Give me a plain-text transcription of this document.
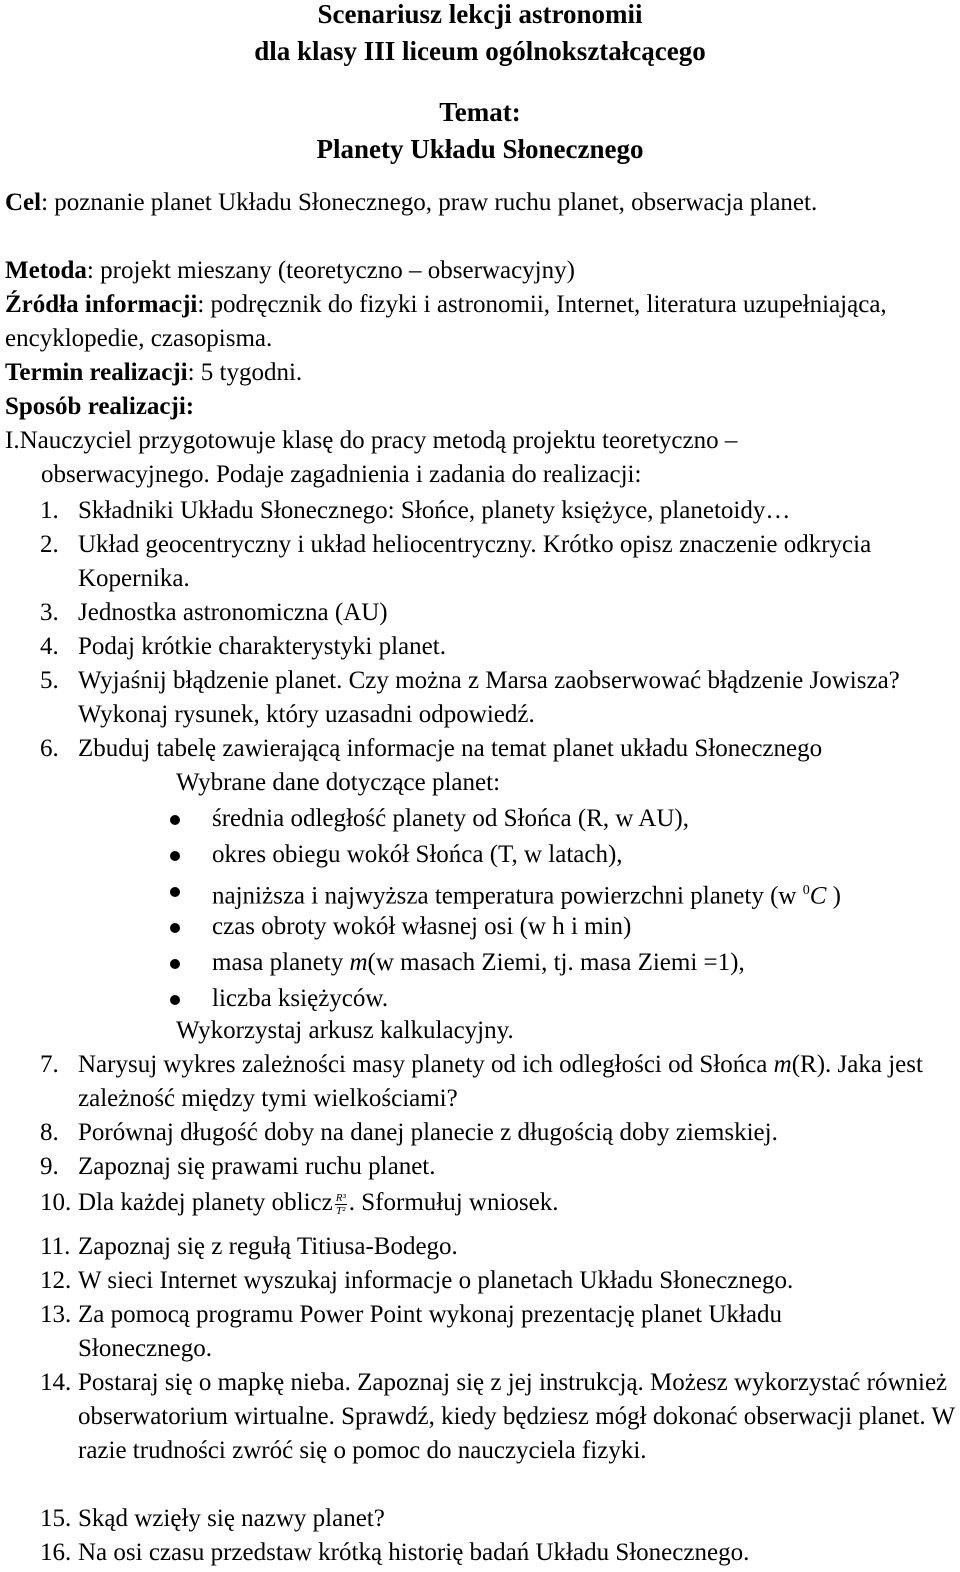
Scenariusz lekcji astronomii
dla klasy III liceum ogólnokształcącego
Temat:
Planety Układu Słonecznego
Cel: poznanie planet Układu Słonecznego, praw ruchu planet, obserwacja planet.
Metoda: projekt mieszany (teoretyczno – obserwacyjny)
Źródła informacji: podręcznik do fizyki i astronomii, Internet, literatura uzupełniająca, encyklopedie, czasopisma.
Termin realizacji: 5 tygodni.
Sposób realizacji:
I.Nauczyciel przygotowuje klasę do pracy metodą projektu teoretyczno –
obserwacyjnego. Podaje zagadnienia i zadania do realizacji:
1. Składniki Układu Słonecznego: Słońce, planety księżyce, planetoidy…
2. Układ geocentryczny i układ heliocentryczny. Krótko opisz znaczenie odkrycia Kopernika.
3. Jednostka astronomiczna (AU)
4. Podaj krótkie charakterystyki planet.
5. Wyjaśnij błądzenie planet. Czy można z Marsa zaobserwować błądzenie Jowisza? Wykonaj rysunek, który uzasadni odpowiedź.
6. Zbuduj tabelę zawierającą informacje na temat planet układu Słonecznego
Wybrane dane dotyczące planet:
średnia odległość planety od Słońca (R, w AU),
okres obiegu wokół Słońca (T, w latach),
najniższa i najwyższa temperatura powierzchni planety (w $^0$C )
czas obroty wokół własnej osi (w h i min)
masa planety m(w masach Ziemi, tj. masa Ziemi =1),
liczba księżyców.
Wykorzystaj arkusz kalkulacyjny.
7. Narysuj wykres zależności masy planety od ich odległości od Słońca m(R). Jaka jest zależność między tymi wielkościami?
8. Porównaj długość doby na danej planecie z długością doby ziemskiej.
9. Zapoznaj się prawami ruchu planet.
10. Dla każdej planety oblicz $\frac{\text{R³}}{\text{T²}}$ . Sformułuj wniosek.
11. Zapoznaj się z regułą Titiusa-Bodego.
12. W sieci Internet wyszukaj informacje o planetach Układu Słonecznego.
13. Za pomocą programu Power Point wykonaj prezentację planet Układu Słonecznego.
14. Postaraj się o mapkę nieba. Zapoznaj się z jej instrukcją. Możesz wykorzystać również obserwatorium wirtualne. Sprawdź, kiedy będziesz mógł dokonać obserwacji planet. W razie trudności zwróć się o pomoc do nauczyciela fizyki.
15. Skąd wzięły się nazwy planet?
16. Na osi czasu przedstaw krótką historię badań Układu Słonecznego.
